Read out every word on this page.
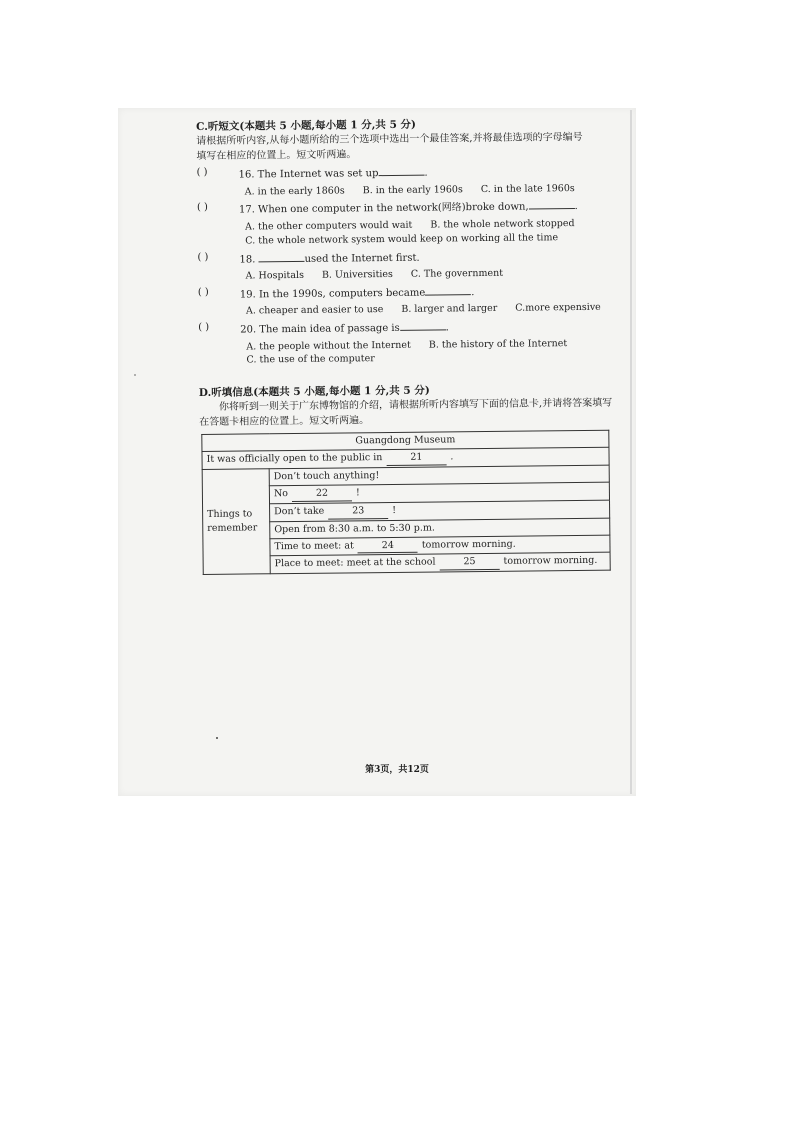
C.听短文(本题共 5 小题,每小题 1 分,共 5 分)
请根据所听内容,从每小题所给的三个选项中选出一个最佳答案,并将最佳选项的字母编号
填写在相应的位置上。短文听两遍。
( )	16. The Internet was set up	.
A. in the early 1860s B. in the early 1960s C. in the late 1960s
( )	17. When one computer in the network(网络)broke down,	.
A. the other computers would wait B. the whole network stopped
C. the whole network system would keep on working all the time
( )	18.	used the Internet first.
A. Hospitals B. Universities C. The government
( )	19. In the 1990s, computers became	.
A. cheaper and easier to use B. larger and larger C.more expensive
( )	20. The main idea of passage is	.
A. the people without the Internet B. the history of the Internet
C. the use of the computer
D.听填信息(本题共 5 小题,每小题 1 分,共 5 分)
你将听到一则关于广东博物馆的介绍，请根据所听内容填写下面的信息卡,并请将答案填写在答题卡相应的位置上。短文听两遍。
Guangdong Museum
It was officially open to the public in	21	.
Things to remember	Don’t touch anything!
No	22	!
Don’t take	23	!
Open from 8:30 a.m. to 5:30 p.m.
Time to meet: at	24	tomorrow morning.
Place to meet: meet at the school	25	tomorrow morning.
第3页，共12页
